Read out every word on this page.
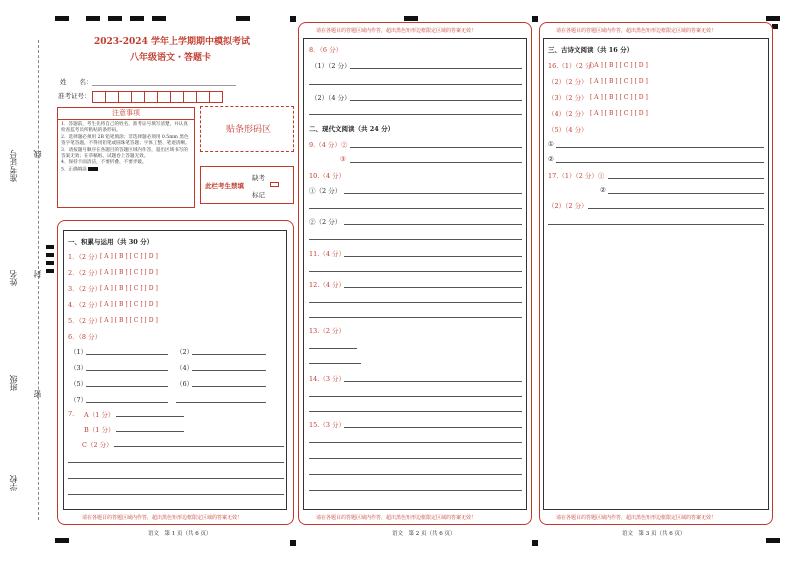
准考证号 线
姓名 封
班级
密
学校
2023-2024 学年上学期期中模拟考试
八年级语文・答题卡
姓　　名：
准考证号：
注意事项
1．答题前，考生先将自己的姓名，准考证号填写清楚，并认真检查监考员所粘贴的条形码。
2．选择题必须用 2B 铅笔填涂；非选择题必须用 0.5mm 黑色签字笔答题，不得用铅笔或圆珠笔答题；字体工整、笔迹清晰。
3．请按题号顺序在各题目的答题区域内作答，超出区域书写的答案无效；在草稿纸、试题卷上答题无效。
4．保持卡面清洁，不要折叠、不要弄破。
5．正确填涂
贴条形码区
此栏考生禁填
缺考
标记
一、积累与运用（共 30 分）
1．（2 分）
[ A ] [ B ] [ C ] [ D ]
2．（2 分）
[ A ] [ B ] [ C ] [ D ]
3．（2 分）
[ A ] [ B ] [ C ] [ D ]
4．（2 分）
[ A ] [ B ] [ C ] [ D ]
5．（2 分）
[ A ] [ B ] [ C ] [ D ]
6．（8 分）
（1）	（2）
（3）	（4）
（5）	（6）
（7）
7. A（1 分）
B（1 分）
C（2 分）
请在各题目的答题区域内作答，超出黑色矩形边框限定区域的答案无效！
语文　第 1 页（共 6 页）
请在各题目的答题区域内作答，超出黑色矩形边框限定区域的答案无效！
8．（6 分）
（1）（2 分）
（2）（4 分）
二、现代文阅读（共 24 分）
9.（4 分）②
③
10.（4 分）
①（2 分）
②（2 分）
11.（4 分）
12.（4 分）
13.（2 分）
14.（3 分）
15.（3 分）
请在各题目的答题区域内作答，超出黑色矩形边框限定区域的答案无效！
语文　第 2 页（共 6 页）
请在各题目的答题区域内作答，超出黑色矩形边框限定区域的答案无效！
三、古诗文阅读（共 16 分）
16.（1）（2 分）
[ A ] [ B ] [ C ] [ D ]
（2）（2 分） [ A ] [ B ] [ C ] [ D ]
（3）（2 分） [ A ] [ B ] [ C ] [ D ]
（4）（2 分） [ A ] [ B ] [ C ] [ D ]
（5）（4 分）
①
②
17.（1）（2 分）①
②
（2）（2 分）
请在各题目的答题区域内作答，超出黑色矩形边框限定区域的答案无效！
语文　第 3 页（共 6 页）
